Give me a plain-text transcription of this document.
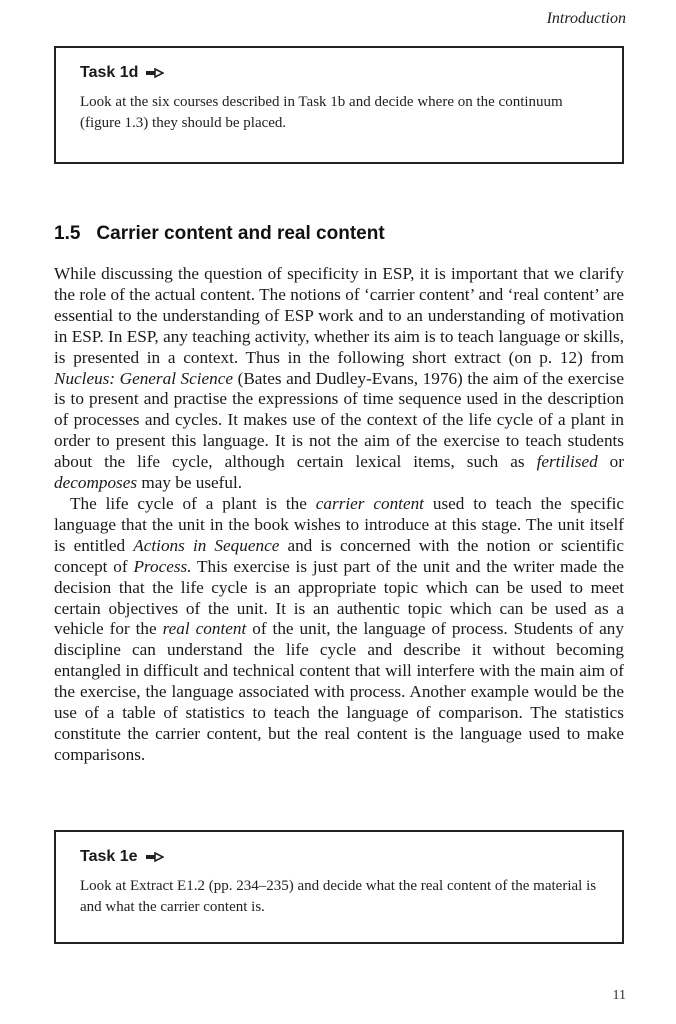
Introduction
Task 1d
Look at the six courses described in Task 1b and decide where on the continuum (figure 1.3) they should be placed.
1.5 Carrier content and real content

While discussing the question of specificity in ESP, it is important that we clarify the role of the actual content. The notions of ‘carrier content’ and ‘real content’ are essential to the understanding of ESP work and to an understanding of motivation in ESP. In ESP, any teaching activity, whether its aim is to teach language or skills, is presented in a context. Thus in the following short extract (on p. 12) from Nucleus: General Science (Bates and Dudley-Evans, 1976) the aim of the exercise is to present and practise the expressions of time sequence used in the description of processes and cycles. It makes use of the context of the life cycle of a plant in order to present this language. It is not the aim of the exercise to teach students about the life cycle, although certain lexical items, such as fertilised or decomposes may be useful.

The life cycle of a plant is the carrier content used to teach the specific language that the unit in the book wishes to introduce at this stage. The unit itself is entitled Actions in Sequence and is concerned with the notion or scientific concept of Process. This exercise is just part of the unit and the writer made the decision that the life cycle is an appropriate topic which can be used to meet certain objectives of the unit. It is an authentic topic which can be used as a vehicle for the real content of the unit, the language of process. Students of any discipline can understand the life cycle and describe it without becoming entangled in difficult and technical content that will interfere with the main aim of the exercise, the language associated with process. Another example would be the use of a table of statistics to teach the language of comparison. The statistics constitute the carrier content, but the real content is the language used to make comparisons.

Task 1e
Look at Extract E1.2 (pp. 234–235) and decide what the real content of the material is and what the carrier content is.
11
